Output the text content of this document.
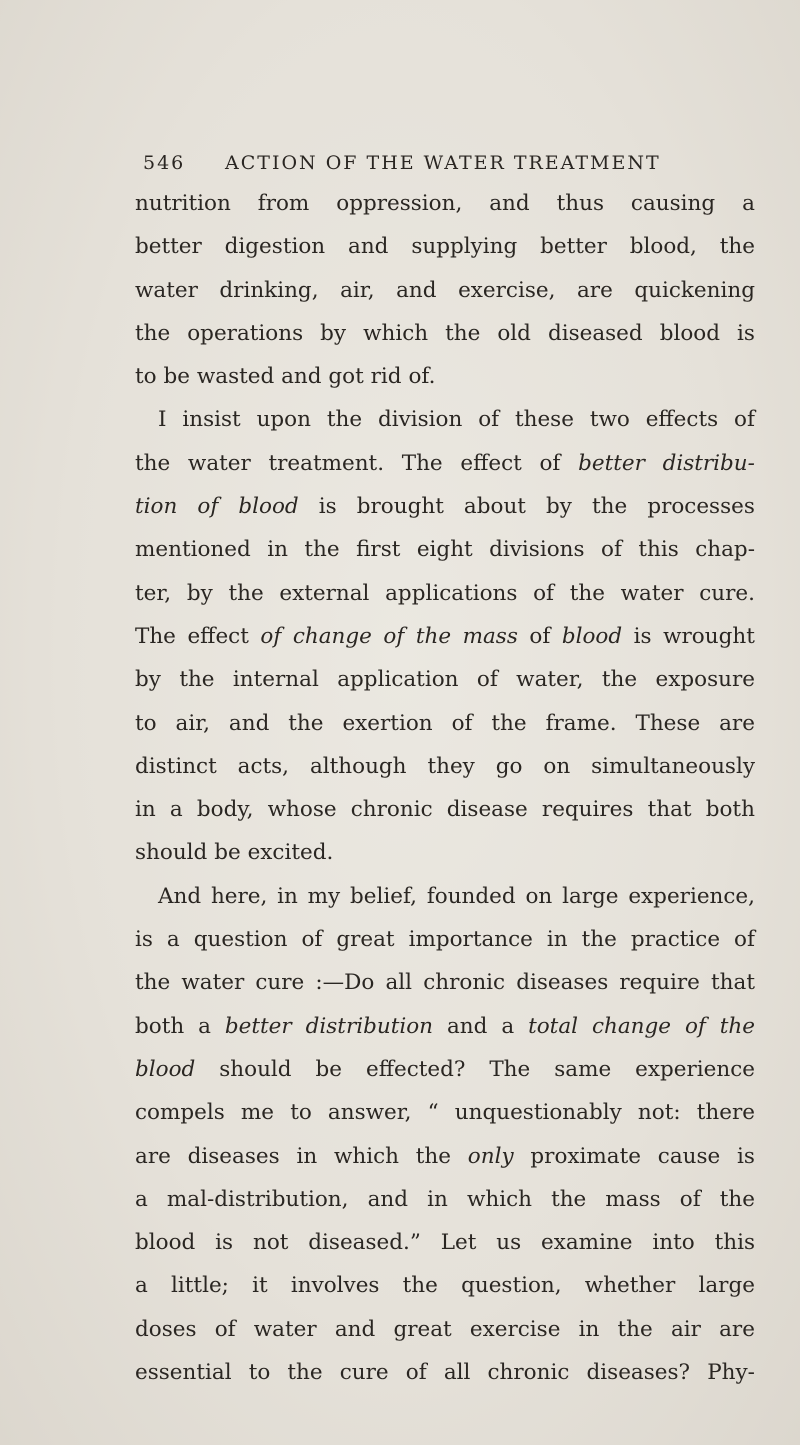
546 ACTION OF THE WATER TREATMENT
nutrition from oppression, and thus causing a
better digestion and supplying better blood, the
water drinking, air, and exercise, are quickening
the operations by which the old diseased blood is
to be wasted and got rid of.
I insist upon the division of these two effects of
the water treatment. The effect of better distribu-
tion of blood is brought about by the processes
mentioned in the first eight divisions of this chap-
ter, by the external applications of the water cure.
The effect of change of the mass of blood is wrought
by the internal application of water, the exposure
to air, and the exertion of the frame. These are
distinct acts, although they go on simultaneously
in a body, whose chronic disease requires that both
should be excited.
And here, in my belief, founded on large experience,
is a question of great importance in the practice of
the water cure :—Do all chronic diseases require that
both a better distribution and a total change of the
blood should be effected? The same experience
compels me to answer, “ unquestionably not: there
are diseases in which the only proximate cause is
a mal-distribution, and in which the mass of the
blood is not diseased.” Let us examine into this
a little; it involves the question, whether large
doses of water and great exercise in the air are
essential to the cure of all chronic diseases? Phy-
